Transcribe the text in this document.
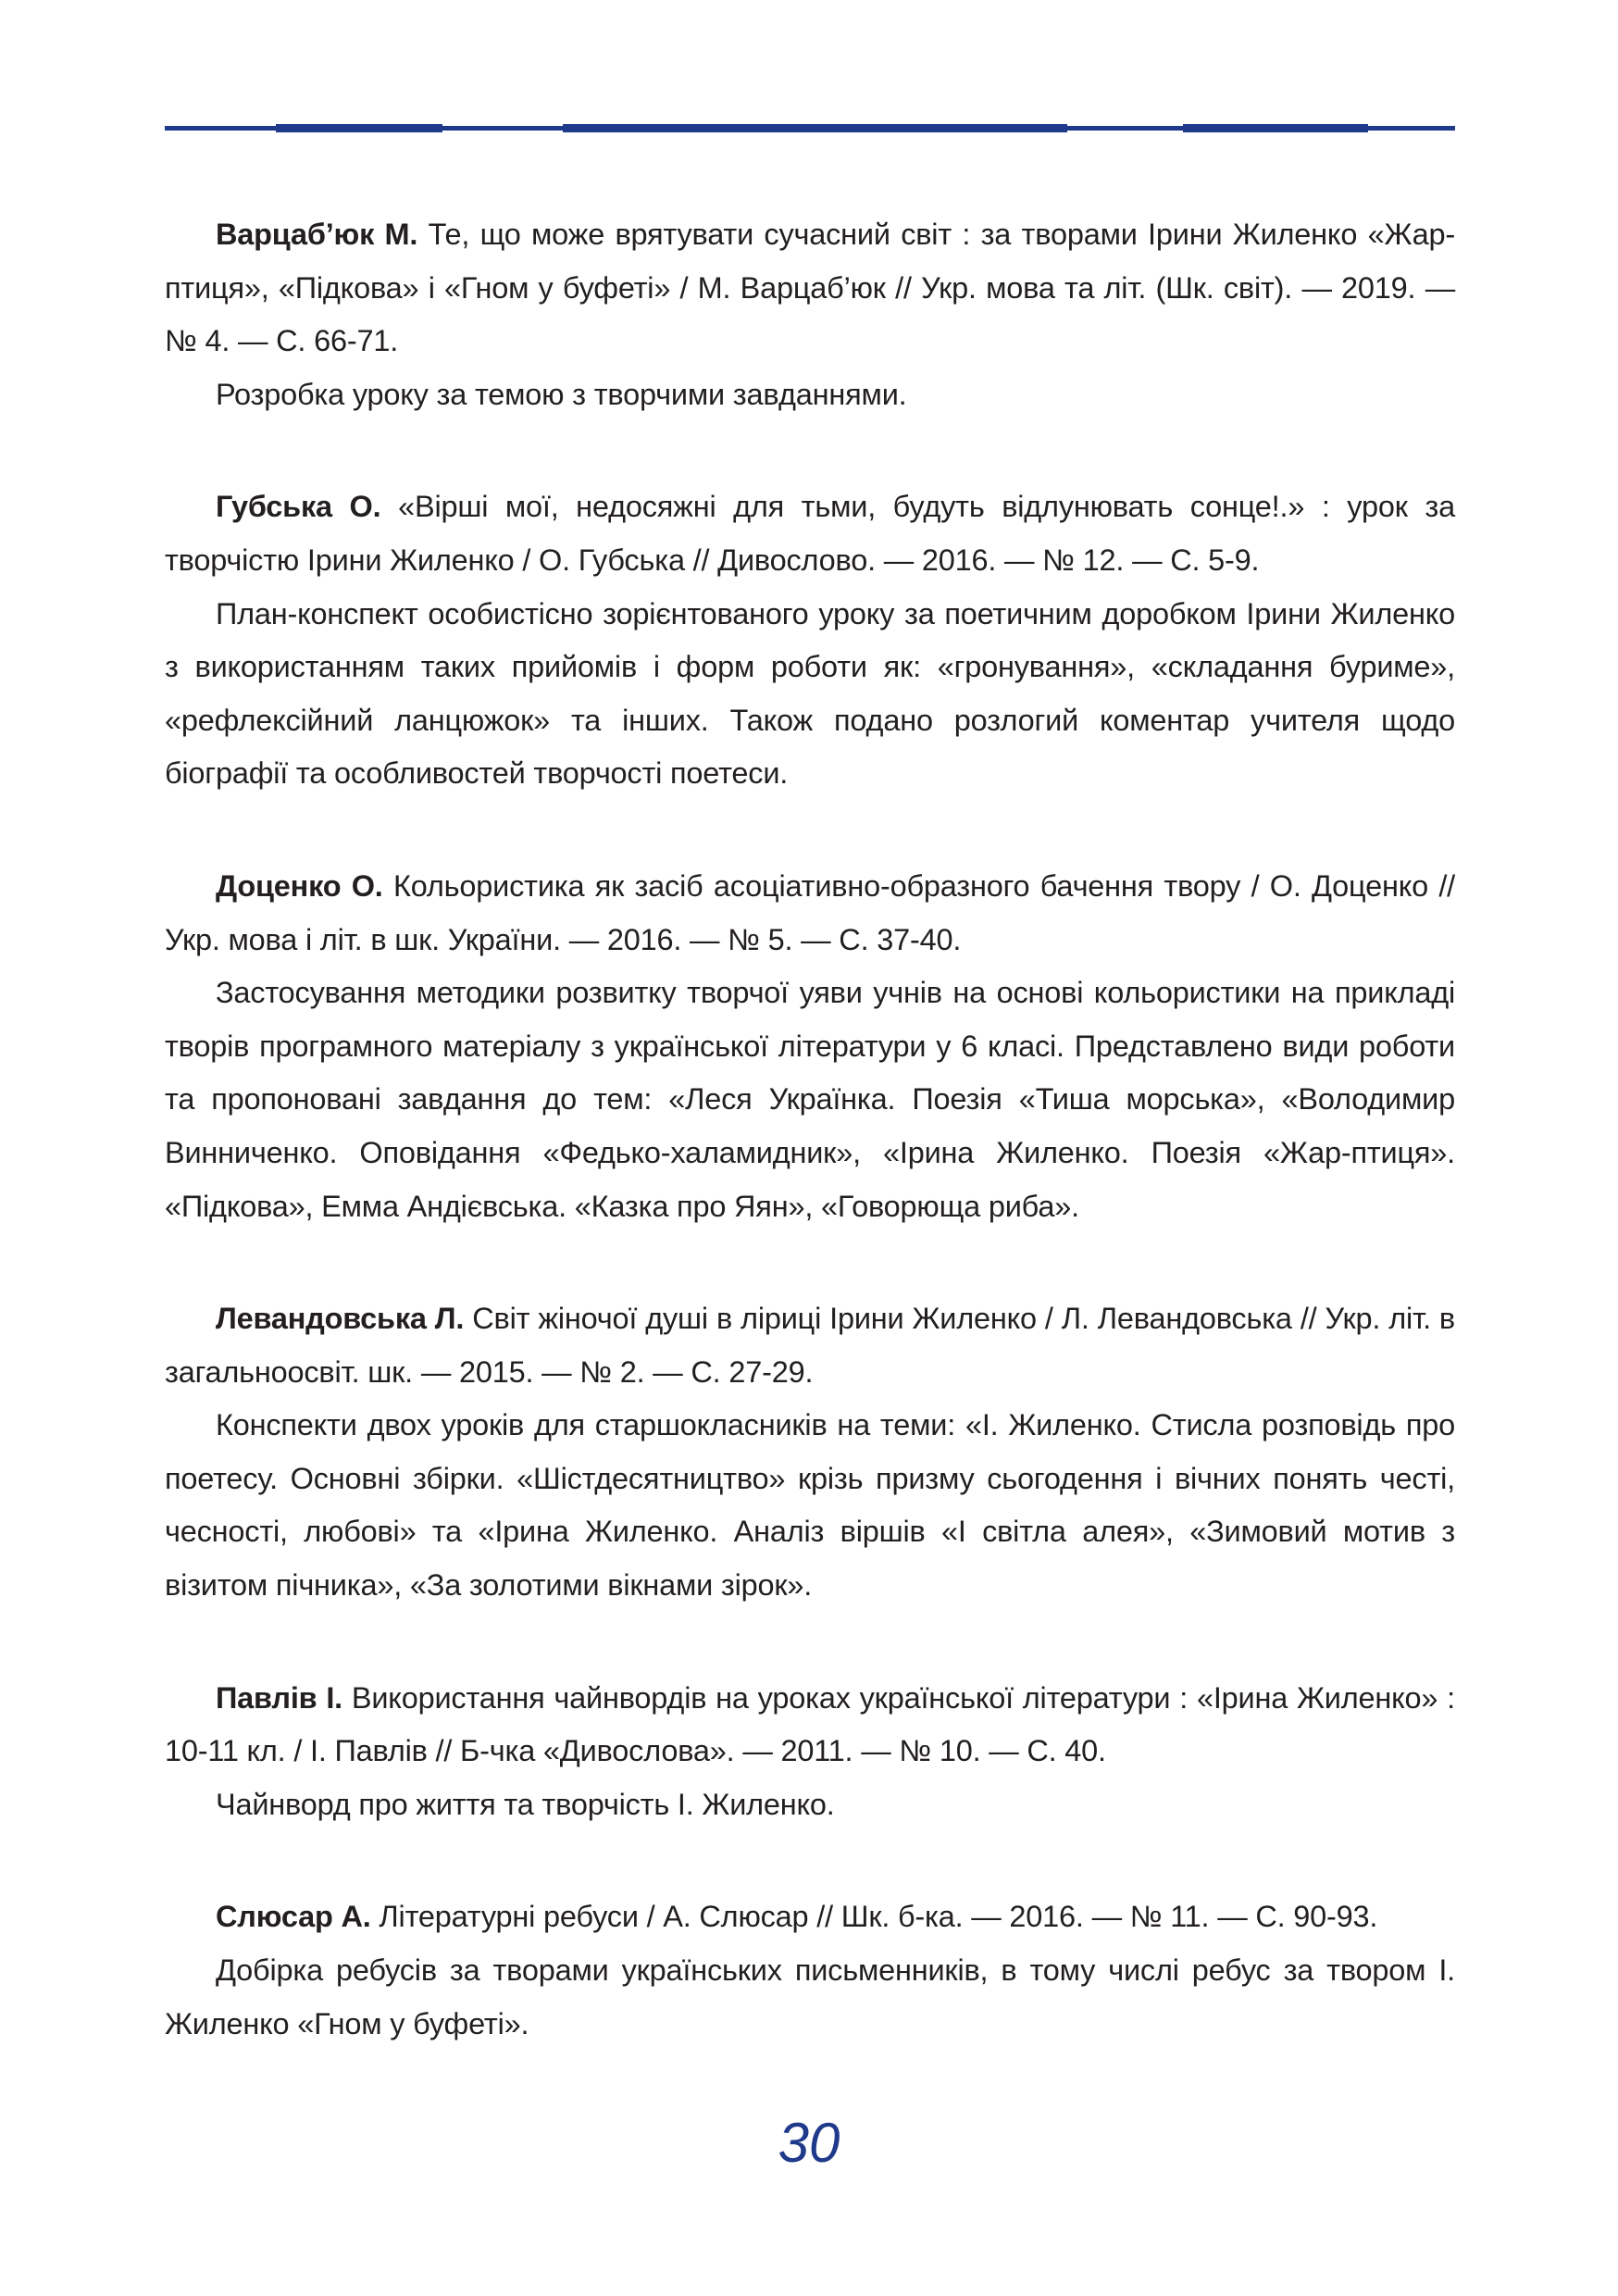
Варцаб’юк М. Те, що може врятувати сучасний світ : за творами Ірини Жиленко «Жар-птиця», «Підкова» і «Гном у буфеті» / М. Варцаб’юк // Укр. мова та літ. (Шк. світ). — 2019. — № 4. — С. 66-71.

Розробка уроку за темою з творчими завданнями.

Губська О. «Вірші мої, недосяжні для тьми, будуть відлунювать сонце!.» : урок за творчістю Ірини Жиленко / О. Губська // Дивослово. — 2016. — № 12. — С. 5-9.

План-конспект особистісно зорієнтованого уроку за поетичним доробком Ірини Жиленко з використанням таких прийомів і форм роботи як: «гронування», «складання буриме», «рефлексійний ланцюжок» та інших. Також подано розлогий коментар учителя щодо біографії та особливостей творчості поетеси.

Доценко О. Кольористика як засіб асоціативно-образного бачення твору / О. Доценко // Укр. мова і літ. в шк. України. — 2016. — № 5. — С. 37-40.

Застосування методики розвитку творчої уяви учнів на основі кольористики на прикладі творів програмного матеріалу з української літератури у 6 класі. Представлено види роботи та пропоновані завдання до тем: «Леся Українка. Поезія «Тиша морська», «Володимир Винниченко. Оповідання «Федько-халамидник», «Ірина Жиленко. Поезія «Жар-птиця». «Підкова», Емма Андієвська. «Казка про Яян», «Говорюща риба».

Левандовська Л. Світ жіночої душі в ліриці Ірини Жиленко / Л. Левандовська // Укр. літ. в загальноосвіт. шк. — 2015. — № 2. — С. 27-29.

Конспекти двох уроків для старшокласників на теми: «І. Жиленко. Стисла розповідь про поетесу. Основні збірки. «Шістдесятництво» крізь призму сьогодення і вічних понять честі, чесності, любові» та «Ірина Жиленко. Аналіз віршів «І світла алея», «Зимовий мотив з візитом пічника», «За золотими вікнами зірок».

Павлів І. Використання чайнвордів на уроках української літератури : «Ірина Жиленко» : 10-11 кл. / І. Павлів // Б-чка «Дивослова». — 2011. — № 10. — С. 40.

Чайнворд про життя та творчість І. Жиленко.

Слюсар А. Літературні ребуси / А. Слюсар // Шк. б-ка. — 2016. — № 11. — С. 90-93.

Добірка ребусів за творами українських письменників, в тому числі ребус за твором І. Жиленко «Гном у буфеті».

30
